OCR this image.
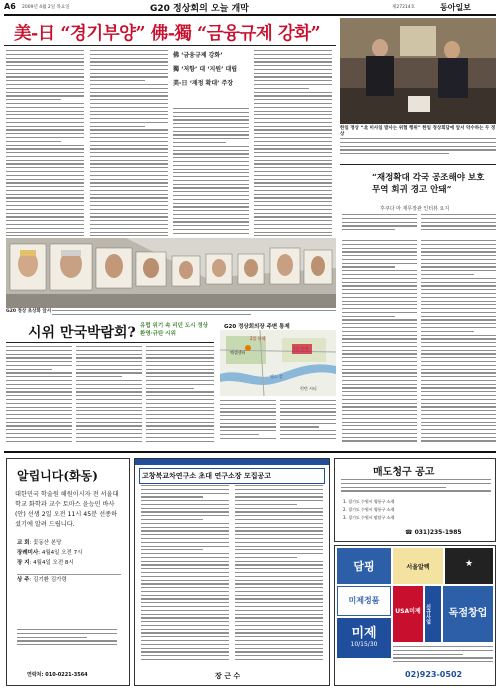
A6 2009년 4월 2일 목요일	G20 정상회의 오늘 개막	제27214호	동아일보
美-日 “경기부양” 佛-獨 “금융규제 강화”
佛 ‘금융규제 강화’
獨 ‘저항’ 대 ‘지원’ 대립
美-日 ‘재정 확대’ 주장
한일 정상 “北 미사일 발사는 위협 행위” 한일 정상회담에 앞서 악수하는 두 정상
“재정확대 각국 공조해야 보호무역 회귀 경고 안돼”
후쿠다 마 재무장관 인터뷰 요지
G20 정상 초상화 앞서
시위 만국박람회? 유럽 위기 속 리던 도시 정상 환영·규탄 시위
G20 정상회의장 주변 통제
엑셀센터
템스 강
1일 통제
2일 통제
런던 시티
알립니다(화동)
대한민국 학술원 해원이시자 전 서울대학교 화학과 교수 토마스 윤능민 바사(안) 선생 2일 오전 11시 45분 선종하셨기에 알려 드립니다.
교 회: 꽃동산 본당
장례미사: 4월4일 오전 7시
장 지: 4월4일 오전 8시
상 주: 김기환 김가령
연락처: 010-0221-3564
고창북교차연구소 초대 연구소장 모집공고
장 근 수
매도청구 공고
1. 경기도 수원시 영통구 소재
2. 경기도 수원시 영통구 소재
3. 경기도 수원시 팔달구 소재
☎ 031)235-1985
담핑	서울알렉	★
미제정품
USA미제 신규사업	독점창업
미제
10/15/30
02)923-0502
